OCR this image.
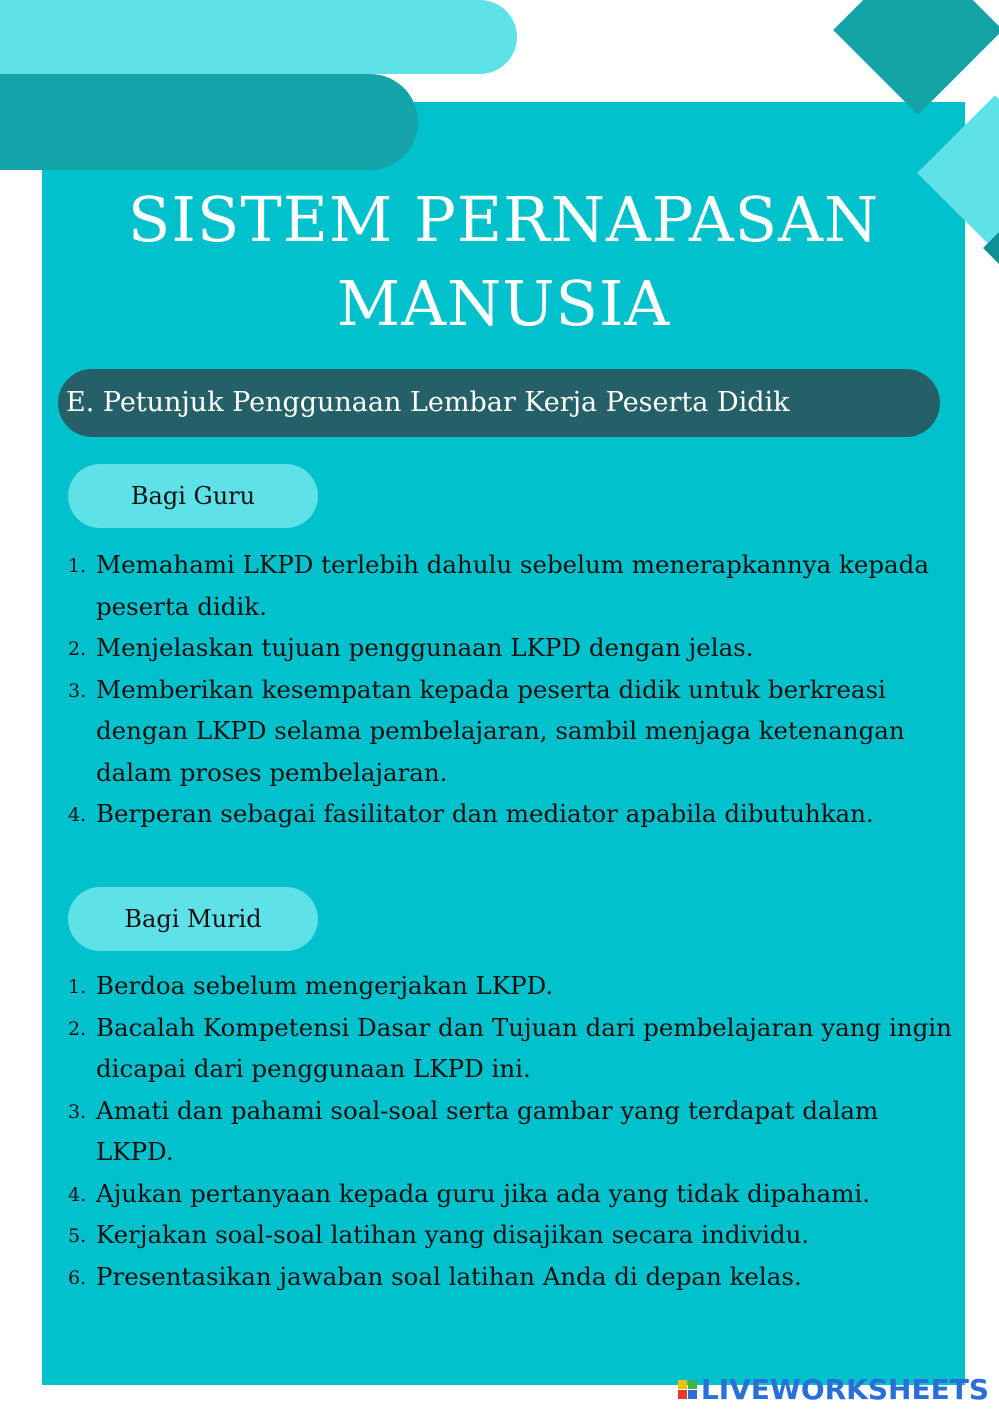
SISTEM PERNAPASAN
MANUSIA
E. Petunjuk Penggunaan Lembar Kerja Peserta Didik
Bagi Guru
1. Memahami LKPD terlebih dahulu sebelum menerapkannya kepada peserta didik.
2. Menjelaskan tujuan penggunaan LKPD dengan jelas.
3. Memberikan kesempatan kepada peserta didik untuk berkreasi dengan LKPD selama pembelajaran, sambil menjaga ketenangan dalam proses pembelajaran.
4. Berperan sebagai fasilitator dan mediator apabila dibutuhkan.
Bagi Murid
1. Berdoa sebelum mengerjakan LKPD.
2. Bacalah Kompetensi Dasar dan Tujuan dari pembelajaran yang ingin dicapai dari penggunaan LKPD ini.
3. Amati dan pahami soal-soal serta gambar yang terdapat dalam LKPD.
4. Ajukan pertanyaan kepada guru jika ada yang tidak dipahami.
5. Kerjakan soal-soal latihan yang disajikan secara individu.
6. Presentasikan jawaban soal latihan Anda di depan kelas.
LIVEWORKSHEETS
